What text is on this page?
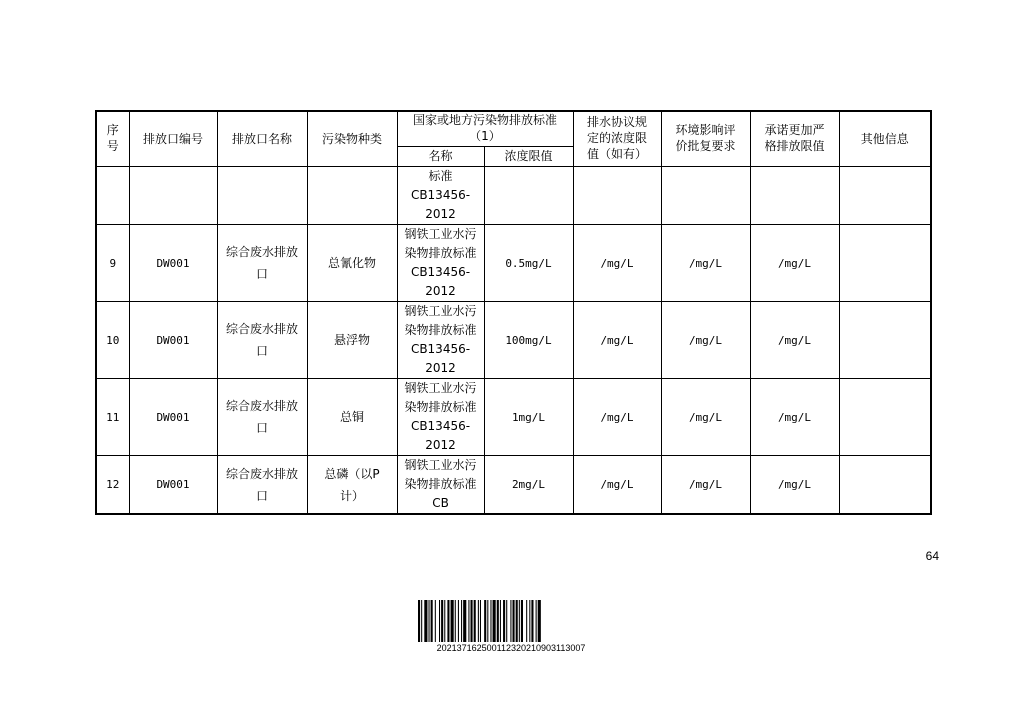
序号	排放口编号	排放口名称	污染物种类	国家或地方污染物排放标准（1）		排水协议规定的浓度限值（如有）	环境影响评价批复要求	承诺更加严格排放限值	其他信息
				名称	浓度限值				
				标准CB13456-2012					
9	DW001	综合废水排放口	总氰化物	钢铁工业水污染物排放标准CB13456-2012	0.5mg/L	/mg/L	/mg/L	/mg/L	
10	DW001	综合废水排放口	悬浮物	钢铁工业水污染物排放标准CB13456-2012	100mg/L	/mg/L	/mg/L	/mg/L	
11	DW001	综合废水排放口	总铜	钢铁工业水污染物排放标准CB13456-2012	1mg/L	/mg/L	/mg/L	/mg/L	
12	DW001	综合废水排放口	总磷（以P计）	钢铁工业水污染物排放标准CB	2mg/L	/mg/L	/mg/L	/mg/L	
64
2021371625001123202109031130​07
